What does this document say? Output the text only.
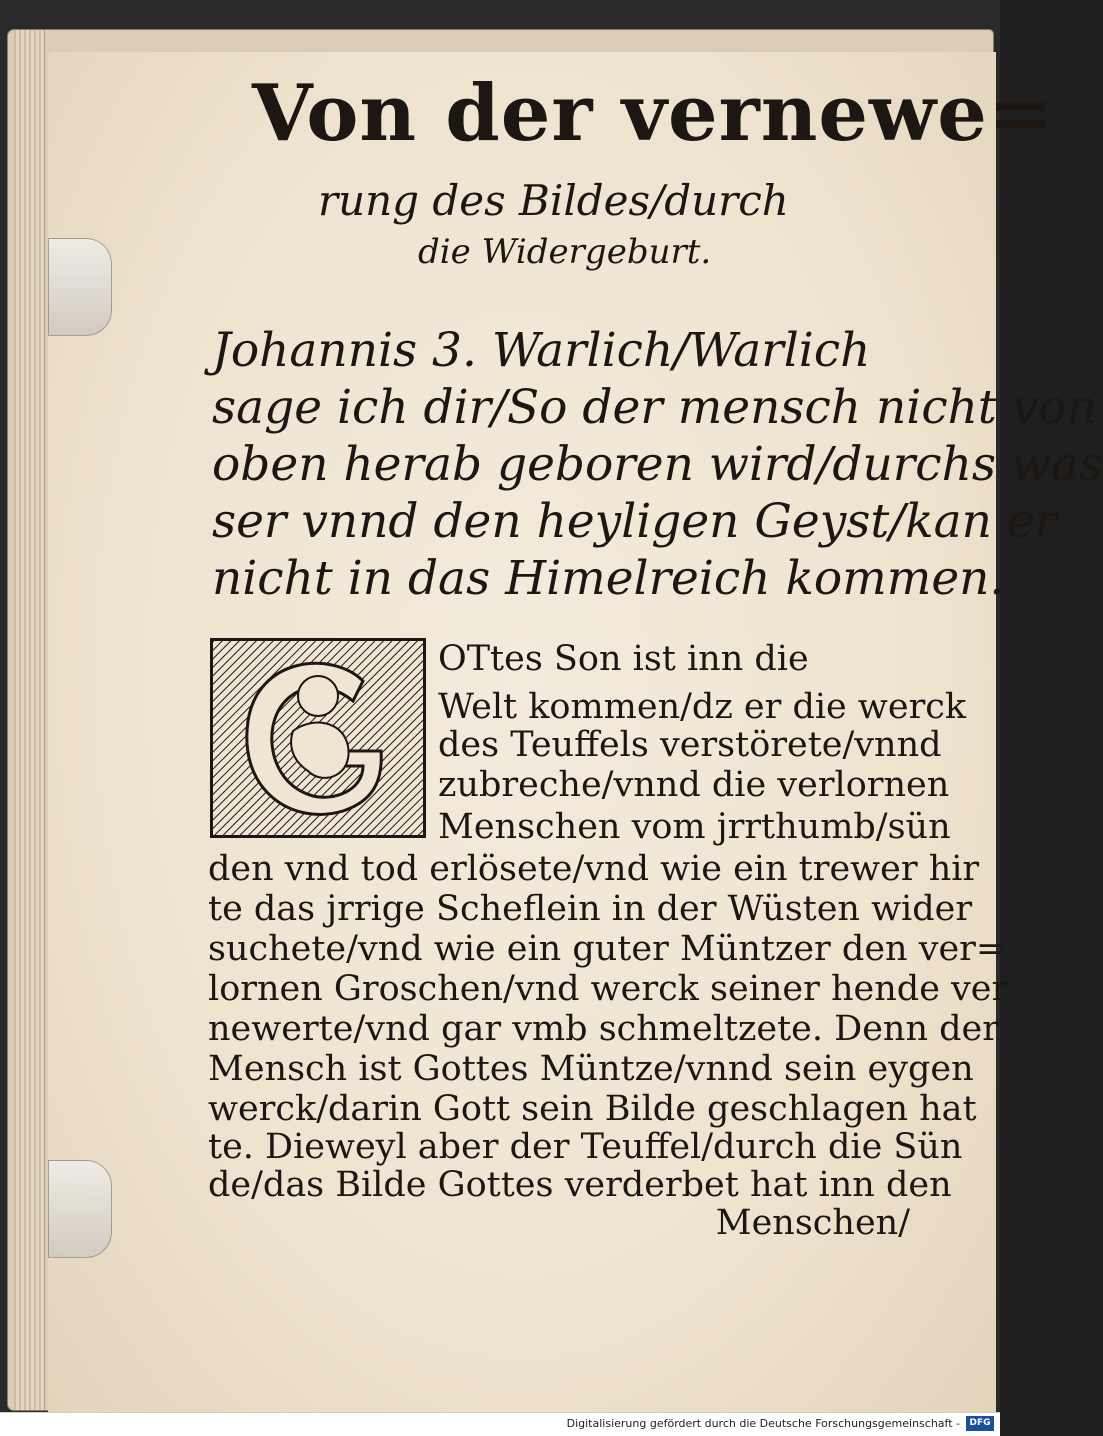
Von der vernewe=
rung des Bildes/durch
die Widergeburt.
Johannis 3. Warlich/Warlich
sage ich dir/So der mensch nicht von
oben herab geboren wird/durchs was
ser vnnd den heyligen Geyst/kan er
nicht in das Himelreich kommen.
OTtes Son ist inn die
Welt kommen/dz er die werck
des Teuffels verstörete/vnnd
zubreche/vnnd die verlornen
Menschen vom jrrthumb/sün
den vnd tod erlösete/vnd wie ein trewer hir
te das jrrige Scheflein in der Wüsten wider
suchete/vnd wie ein guter Müntzer den ver=
lornen Groschen/vnd werck seiner hende ver
newerte/vnd gar vmb schmeltzete. Denn der
Mensch ist Gottes Müntze/vnnd sein eygen
werck/darin Gott sein Bilde geschlagen hat
te. Dieweyl aber der Teuffel/durch die Sün
de/das Bilde Gottes verderbet hat inn den
Menschen/
Digitalisierung gefördert durch die Deutsche Forschungsgemeinschaft -	DFG
